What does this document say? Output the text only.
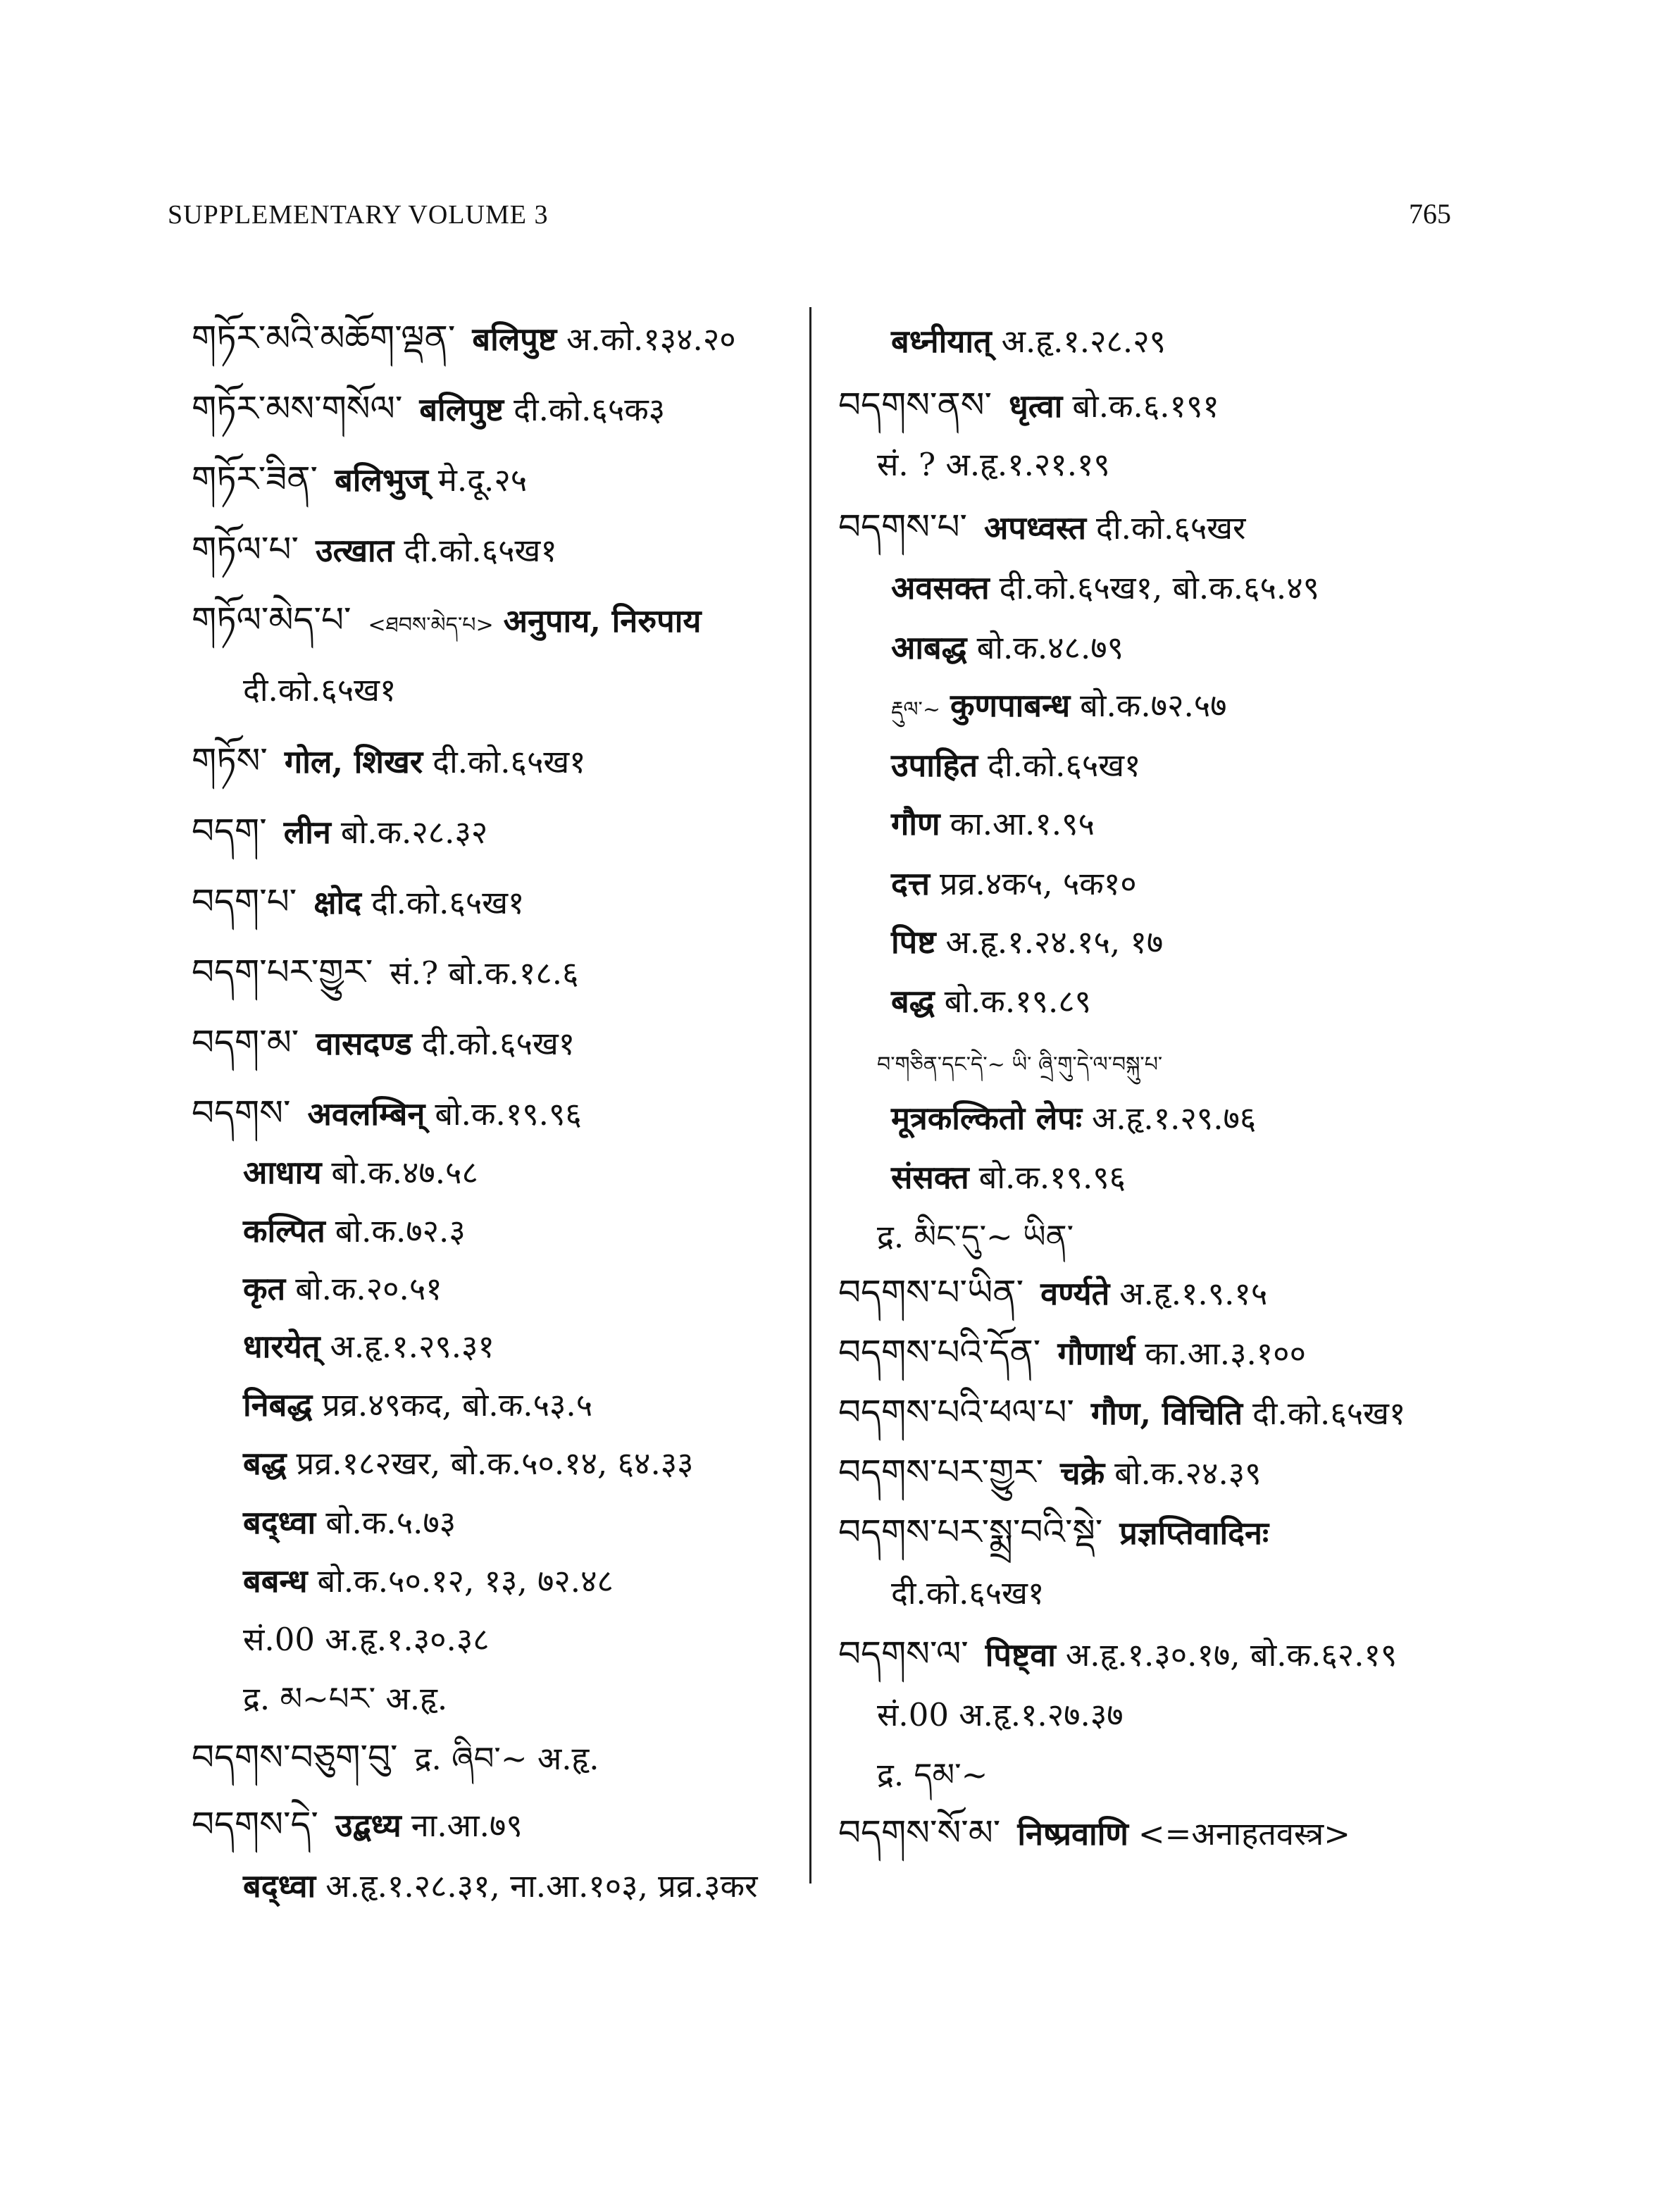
SUPPLEMENTARY VOLUME 3	765
གཏོར་མའི་མཆོག་ལྡན་ बलिपुष्ट अ.को.१३४.२०
གཏོར་མས་གསོལ་ बलिपुष्ट दी.को.६५क३
གཏོར་ཟིན་ बलिभुज् मे.दू.२५
གཏོལ་པ་ उत्खात दी.को.६५ख१
གཏོལ་མེད་པ་ <ཐབས་མེད་པ> अनुपाय, निरुपाय
दी.को.६५ख१
གཏོས་ गोल, शिखर दी.को.६५ख१
བདག་ लीन बो.क.२८.३२
བདག་པ་ क्षोद दी.को.६५ख१
བདག་པར་གྱུར་ सं.? बो.क.१८.६
བདག་མ་ वासदण्ड दी.को.६५ख१
བདགས་ अवलम्बिन् बो.क.१९.९६
आधाय बो.क.४७.५८
कल्पित बो.क.७२.३
कृत बो.क.२०.५१
धारयेत् अ.हृ.१.२९.३१
निबद्ध प्रव्र.४९कद, बो.क.५३.५
बद्ध प्रव्र.१८२खर, बो.क.५०.१४, ६४.३३
बद्ध्वा बो.क.५.७३
बबन्ध बो.क.५०.१२, १३, ७२.४८
सं.00 अ.हृ.१.३०.३८
द्र. མ~པར་ अ.हृ.
བདགས་བཅུག་བུ་ द्र. ཞིབ་~ अ.हृ.
བདགས་དེ་ उद्बध्य ना.आ.७९
बद्ध्वा अ.हृ.१.२८.३१, ना.आ.१०३, प्रव्र.३कर
बध्नीयात् अ.हृ.१.२८.२९
བདགས་ནས་ धृत्वा बो.क.६.१९१
सं. ? अ.हृ.१.२१.१९
བདགས་པ་ अपध्वस्त दी.को.६५खर
अवसक्त दी.को.६५ख१, बो.क.६५.४९
आबद्ध बो.क.४८.७९
རྡུལ་~ कुणपाबन्ध बो.क.७२.५७
उपाहित दी.को.६५ख१
गौण का.आ.१.९५
दत्त प्रव्र.४क५, ५क१०
पिष्ट अ.हृ.१.२४.१५, १७
बद्ध बो.क.१९.८९
བ་གཅིན་དང་དེ་~ ཡི་ ཞྲི་གུ་དེ་ལ་བསྐུ་པ་
मूत्रकल्कितो लेपः अ.हृ.१.२९.७६
संसक्त बो.क.१९.९६
द्र. མིང་དུ་~ ཡིན་
བདགས་པ་ཡིན་ वर्ण्यते अ.हृ.१.९.१५
བདགས་པའི་དོན་ गौणार्थ का.आ.३.१००
བདགས་པའི་ཕལ་པ་ गौण, विचिति दी.को.६५ख१
བདགས་པར་གྱུར་ चक्रे बो.क.२४.३९
བདགས་པར་སྨྲ་བའི་སྡེ་ प्रज्ञप्तिवादिनः
दी.को.६५ख१
བདགས་ལ་ पिष्ट्वा अ.हृ.१.३०.१७, बो.क.६२.१९
सं.00 अ.हृ.१.२७.३७
द्र. དམ་~
བདགས་སོ་མ་ निष्प्रवाणि <=अनाहतवस्त्र>
